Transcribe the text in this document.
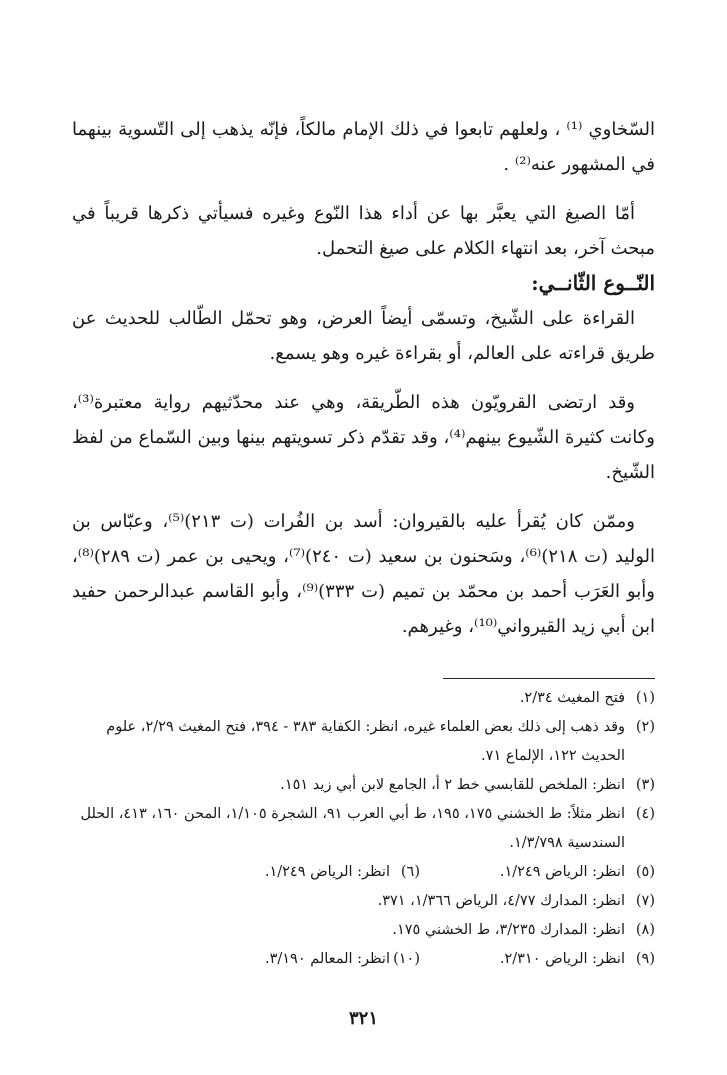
السّخاوي ⁽¹⁾ ، ولعلهم تابعوا في ذلك الإمام مالكاً، فإنّه يذهب إلى التّسوية بينهما في المشهور عنه⁽²⁾ .

أمّا الصيغ التي يعبَّر بها عن أداء هذا النّوع وغيره فسيأتي ذكرها قريباً في مبحث آخر، بعد انتهاء الكلام على صيغ التحمل.

النّــوع الثّانــي:

القراءة على الشّيخ، وتسمّى أيضاً العرض، وهو تحمّل الطّالب للحديث عن طريق قراءته على العالم، أو بقراءة غيره وهو يسمع.

وقد ارتضى القرويّون هذه الطّريقة، وهي عند محدّثيهم رواية معتبرة⁽³⁾، وكانت كثيرة الشّيوع بينهم⁽⁴⁾، وقد تقدّم ذكر تسويتهم بينها وبين السّماع من لفظ الشّيخ.

وممّن كان يُقرأ عليه بالقيروان: أسد بن الفُرات (ت ٢١٣)⁽⁵⁾، وعبّاس بن الوليد (ت ٢١٨)⁽⁶⁾، وسَحنون بن سعيد (ت ٢٤٠)⁽⁷⁾، ويحيى بن عمر (ت ٢٨٩)⁽⁸⁾، وأبو العَرَب أحمد بن محمّد بن تميم (ت ٣٣٣)⁽⁹⁾، وأبو القاسم عبدالرحمن حفيد ابن أبي زيد القيرواني⁽¹⁰⁾، وغيرهم.

(١)
فتح المغيث ٢/٣٤.
(٢)
وقد ذهب إلى ذلك بعض العلماء غيره، انظر: الكفاية ٣٨٣ - ٣٩٤، فتح المغيث ٢/٢٩، علوم الحديث ١٢٢، الإلماع ٧١.
(٣)
انظر: الملخص للقابسي خط ٢ أ، الجامع لابن أبي زيد ١٥١.
(٤)
انظر مثلاً: ط الخشني ١٧٥، ١٩٥، ط أبي العرب ٩١، الشجرة ١/١٠٥، المحن ١٦٠، ٤١٣، الحلل السندسية ١/٣/٧٩٨.
(٥)
انظر: الرياض ١/٢٤٩.
(٦)
انظر: الرياض ١/٢٤٩.
(٧)
انظر: المدارك ٤/٧٧، الرياض ١/٣٦٦، ٣٧١.
(٨)
انظر: المدارك ٣/٢٣٥، ط الخشني ١٧٥.
(٩)
انظر: الرياض ٢/٣١٠.
(١٠)
انظر: المعالم ٣/١٩٠.
٣٢١
